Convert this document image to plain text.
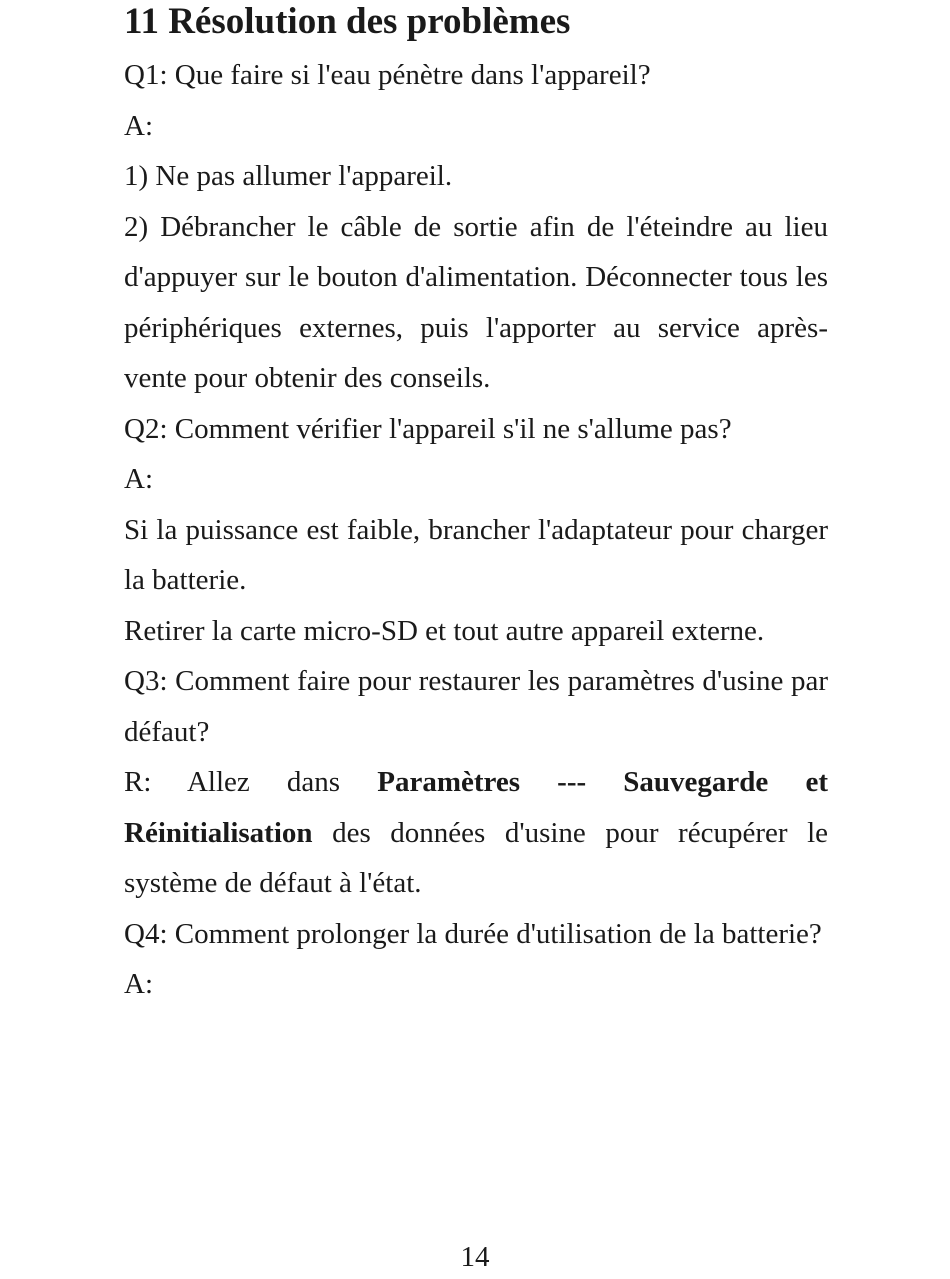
11 Résolution des problèmes

Q1: Que faire si l'eau pénètre dans l'appareil?

A:

1) Ne pas allumer l'appareil.

2) Débrancher le câble de sortie afin de l'éteindre au lieu d'appuyer sur le bouton d'alimentation. Déconnecter tous les périphériques externes, puis l'apporter au service après-vente pour obtenir des conseils.

Q2: Comment vérifier l'appareil s'il ne s'allume pas?

A:

Si la puissance est faible, brancher l'adaptateur pour charger la batterie.

Retirer la carte micro-SD et tout autre appareil externe.

Q3: Comment faire pour restaurer les paramètres d'usine par défaut?

R: Allez dans Paramètres --- Sauvegarde et Réinitialisation des données d'usine pour récupérer le système de défaut à l'état.

Q4: Comment prolonger la durée d'utilisation de la batterie?

A:

14
